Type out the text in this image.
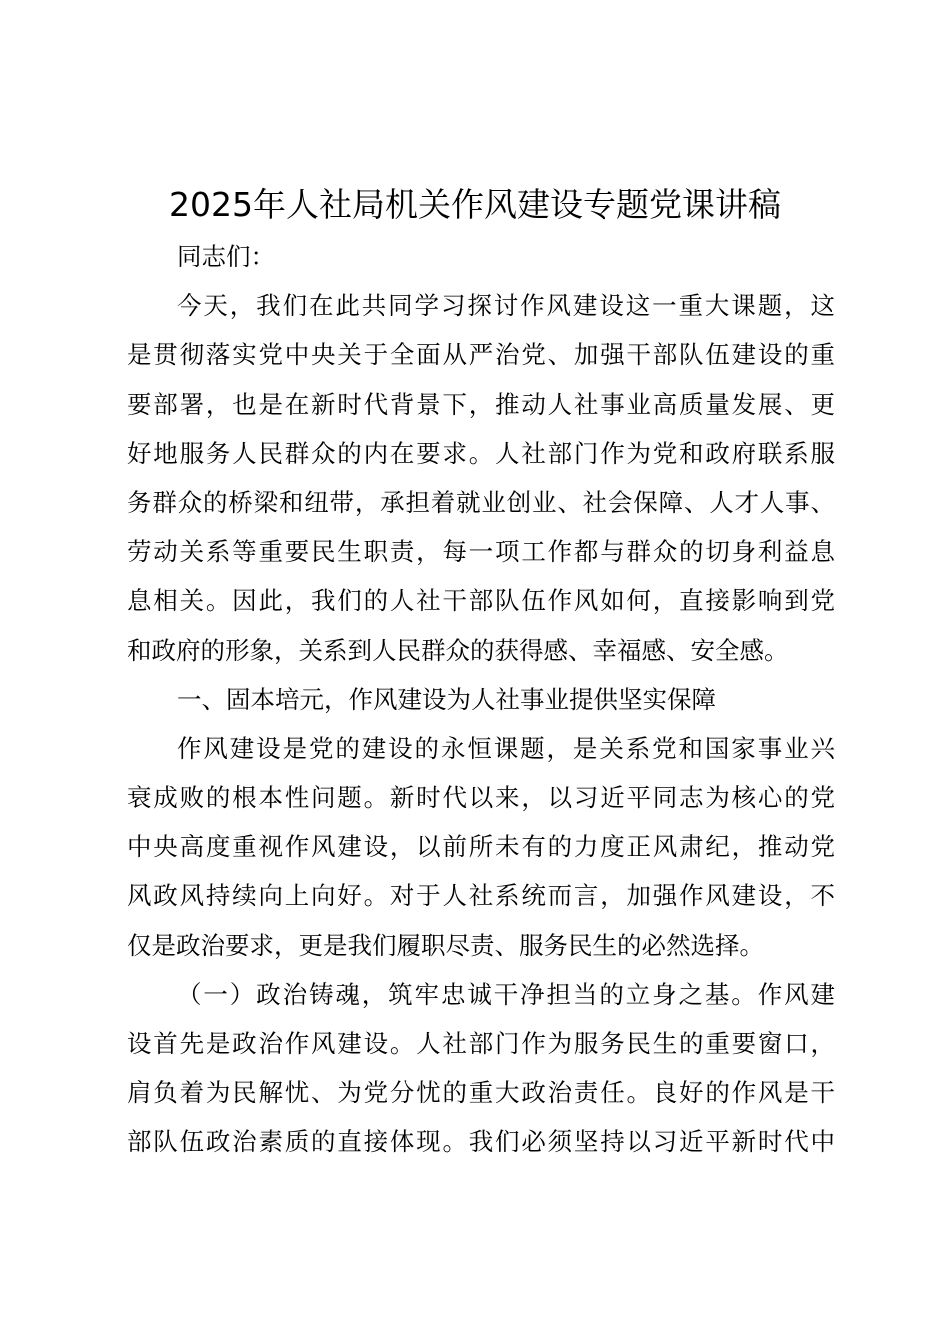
2025年人社局机关作风建设专题党课讲稿
同志们：
今天，我们在此共同学习探讨作风建设这一重大课题，这
是贯彻落实党中央关于全面从严治党、加强干部队伍建设的重
要部署，也是在新时代背景下，推动人社事业高质量发展、更
好地服务人民群众的内在要求。人社部门作为党和政府联系服
务群众的桥梁和纽带，承担着就业创业、社会保障、人才人事、
劳动关系等重要民生职责，每一项工作都与群众的切身利益息
息相关。因此，我们的人社干部队伍作风如何，直接影响到党
和政府的形象，关系到人民群众的获得感、幸福感、安全感。
一、固本培元，作风建设为人社事业提供坚实保障
作风建设是党的建设的永恒课题，是关系党和国家事业兴
衰成败的根本性问题。新时代以来，以习近平同志为核心的党
中央高度重视作风建设，以前所未有的力度正风肃纪，推动党
风政风持续向上向好。对于人社系统而言，加强作风建设，不
仅是政治要求，更是我们履职尽责、服务民生的必然选择。
（一）政治铸魂，筑牢忠诚干净担当的立身之基。作风建
设首先是政治作风建设。人社部门作为服务民生的重要窗口，
肩负着为民解忧、为党分忧的重大政治责任。良好的作风是干
部队伍政治素质的直接体现。我们必须坚持以习近平新时代中
